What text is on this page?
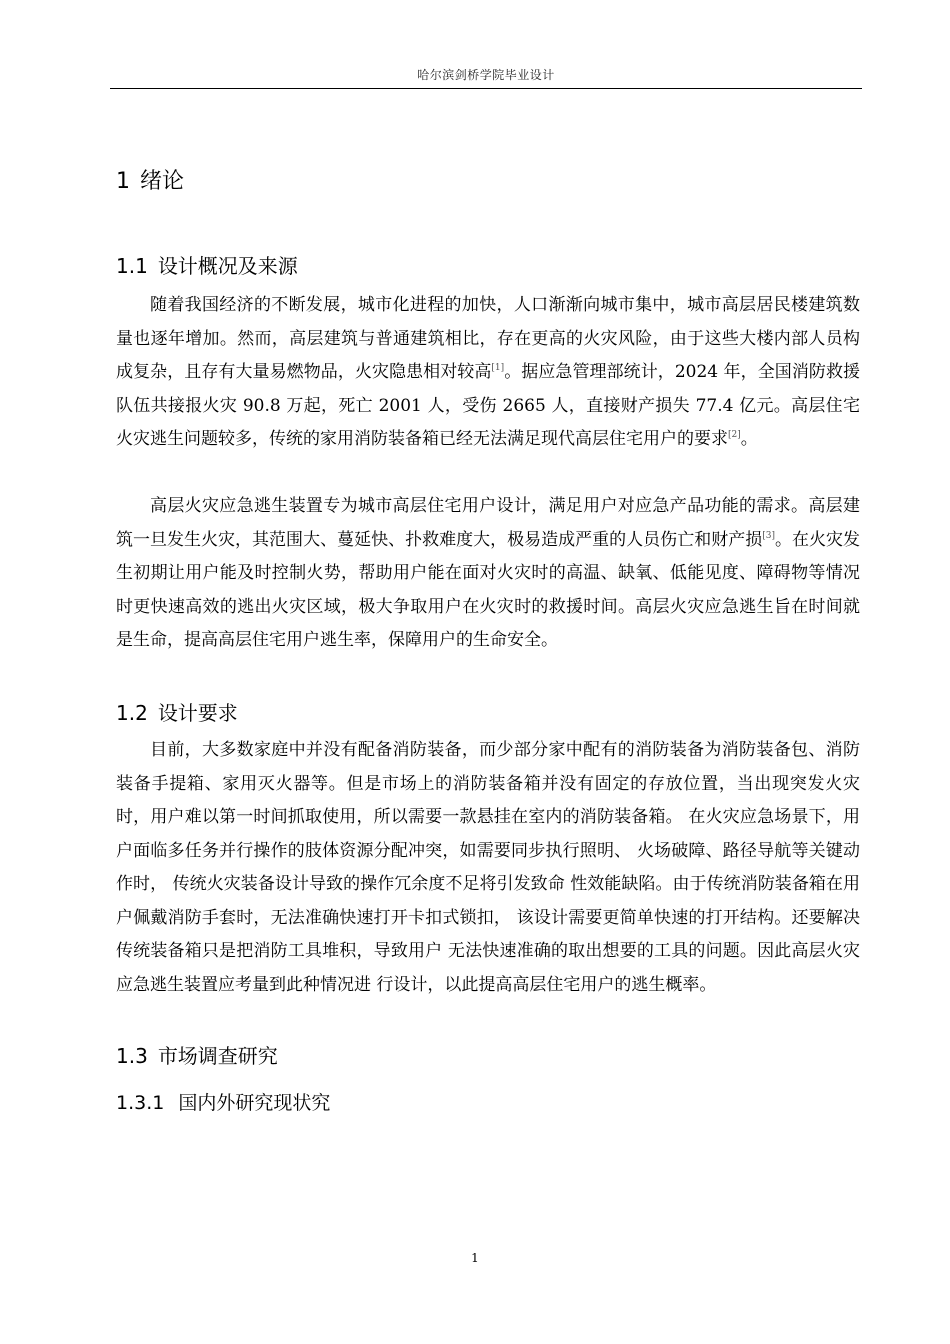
哈尔滨剑桥学院毕业设计
1 绪论
1.1 设计概况及来源

随着我国经济的不断发展，城市化进程的加快，人口渐渐向城市集中，城市高层居民楼建筑数量也逐年增加。然而，高层建筑与普通建筑相比，存在更高的火灾风险，由于这些大楼内部人员构成复杂，且存有大量易燃物品，火灾隐患相对较高[1]。据应急管理部统计，2024 年，全国消防救援队伍共接报火灾 90.8 万起，死亡 2001 人，受伤 2665 人，直接财产损失 77.4 亿元。高层住宅火灾逃生问题较多，传统的家用消防装备箱已经无法满足现代高层住宅用户的要求[2]。

高层火灾应急逃生装置专为城市高层住宅用户设计，满足用户对应急产品功能的需求。高层建筑一旦发生火灾，其范围大、蔓延快、扑救难度大，极易造成严重的人员伤亡和财产损[3]。在火灾发生初期让用户能及时控制火势，帮助用户能在面对火灾时的高温、缺氧、低能见度、障碍物等情况时更快速高效的逃出火灾区域，极大争取用户在火灾时的救援时间。高层火灾应急逃生旨在时间就是生命，提高高层住宅用户逃生率，保障用户的生命安全。

1.2 设计要求

目前，大多数家庭中并没有配备消防装备，而少部分家中配有的消防装备为消防装备包、消防装备手提箱、家用灭火器等。但是市场上的消防装备箱并没有固定的存放位置，当出现突发火灾时，用户难以第一时间抓取使用，所以需要一款悬挂在室内的消防装备箱。 在火灾应急场景下，用户面临多任务并行操作的肢体资源分配冲突，如需要同步执行照明、 火场破障、路径导航等关键动作时， 传统火灾装备设计导致的操作冗余度不足将引发致命 性效能缺陷。由于传统消防装备箱在用户佩戴消防手套时，无法准确快速打开卡扣式锁扣， 该设计需要更简单快速的打开结构。还要解决传统装备箱只是把消防工具堆积，导致用户 无法快速准确的取出想要的工具的问题。因此高层火灾应急逃生装置应考量到此种情况进 行设计，以此提高高层住宅用户的逃生概率。

1.3 市场调查研究
1.3.1 国内外研究现状究
1
